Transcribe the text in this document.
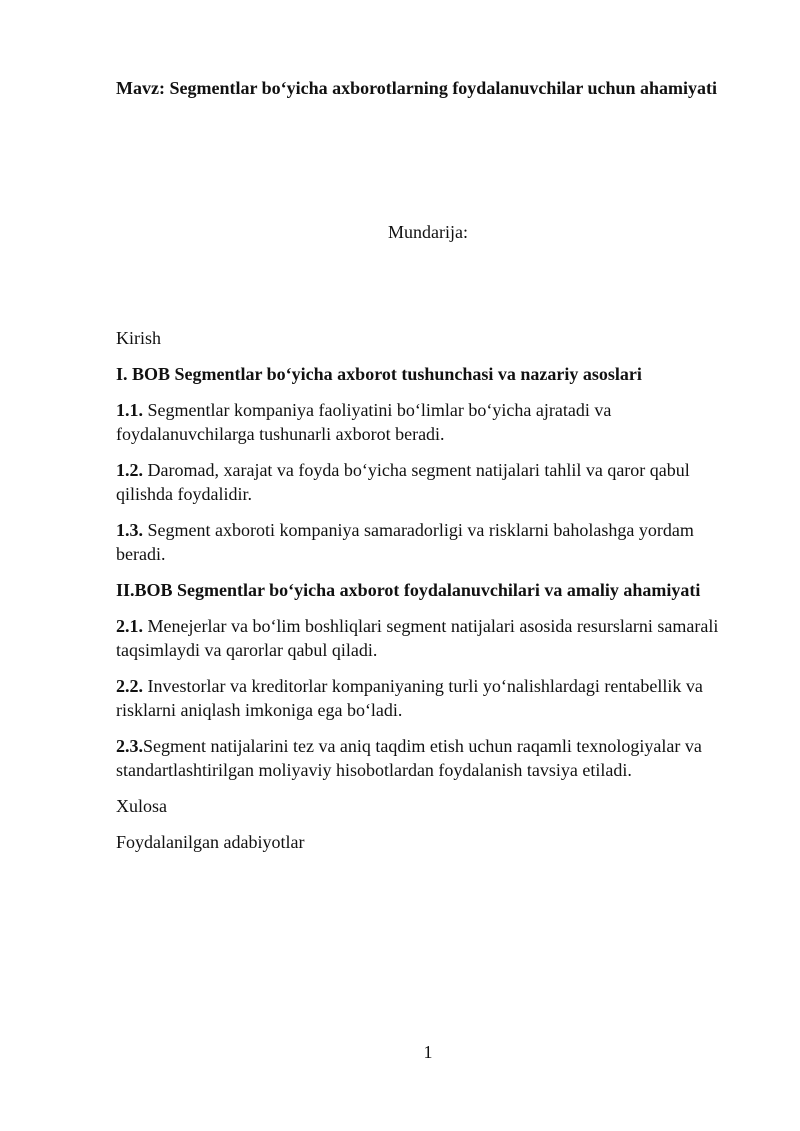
Mavz: Segmentlar bo‘yicha axborotlarning foydalanuvchilar uchun ahamiyati
Mundarija:

Kirish

I. BOB Segmentlar bo‘yicha axborot tushunchasi va nazariy asoslari

1.1. Segmentlar kompaniya faoliyatini bo‘limlar bo‘yicha ajratadi va foydalanuvchilarga tushunarli axborot beradi.

1.2. Daromad, xarajat va foyda bo‘yicha segment natijalari tahlil va qaror qabul qilishda foydalidir.

1.3. Segment axboroti kompaniya samaradorligi va risklarni baholashga yordam beradi.

II.BOB Segmentlar bo‘yicha axborot foydalanuvchilari va amaliy ahamiyati

2.1. Menejerlar va bo‘lim boshliqlari segment natijalari asosida resurslarni samarali taqsimlaydi va qarorlar qabul qiladi.

2.2. Investorlar va kreditorlar kompaniyaning turli yo‘nalishlardagi rentabellik va risklarni aniqlash imkoniga ega bo‘ladi.

2.3.Segment natijalarini tez va aniq taqdim etish uchun raqamli texnologiyalar va standartlashtirilgan moliyaviy hisobotlardan foydalanish tavsiya etiladi.

Xulosa

Foydalanilgan adabiyotlar

1
